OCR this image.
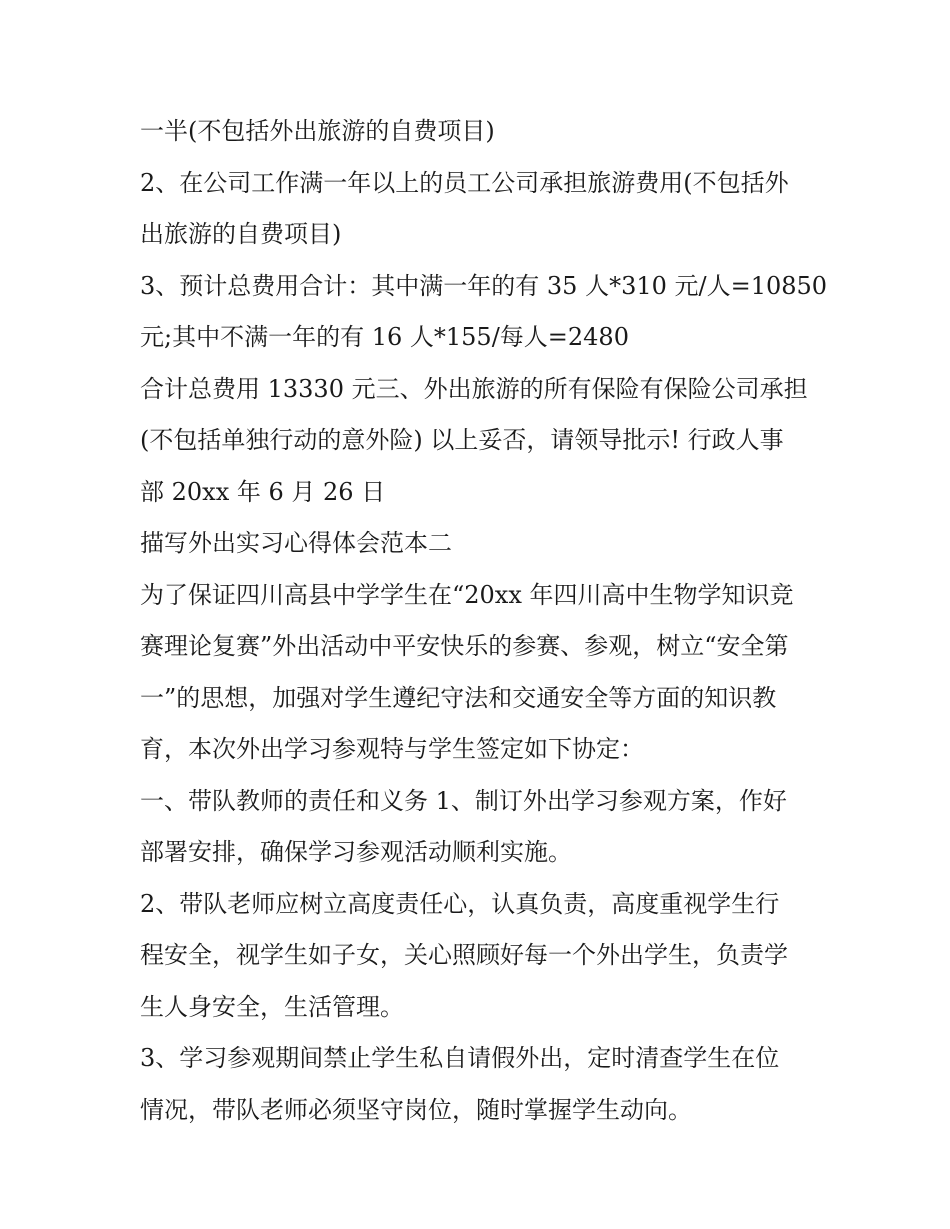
一半(不包括外出旅游的自费项目)
2、在公司工作满一年以上的员工公司承担旅游费用(不包括外
出旅游的自费项目)
3、预计总费用合计：其中满一年的有 35 人*310 元/人=10850
元;其中不满一年的有 16 人*155/每人=2480
合计总费用 13330 元三、外出旅游的所有保险有保险公司承担
(不包括单独行动的意外险) 以上妥否，请领导批示! 行政人事
部 20xx 年 6 月 26 日
描写外出实习心得体会范本二
为了保证四川高县中学学生在“20xx 年四川高中生物学知识竞
赛理论复赛”外出活动中平安快乐的参赛、参观，树立“安全第
一”的思想，加强对学生遵纪守法和交通安全等方面的知识教
育，本次外出学习参观特与学生签定如下协定：
一、带队教师的责任和义务 1、制订外出学习参观方案，作好
部署安排，确保学习参观活动顺利实施。
2、带队老师应树立高度责任心，认真负责，高度重视学生行
程安全，视学生如子女，关心照顾好每一个外出学生，负责学
生人身安全，生活管理。
3、学习参观期间禁止学生私自请假外出，定时清查学生在位
情况，带队老师必须坚守岗位，随时掌握学生动向。
